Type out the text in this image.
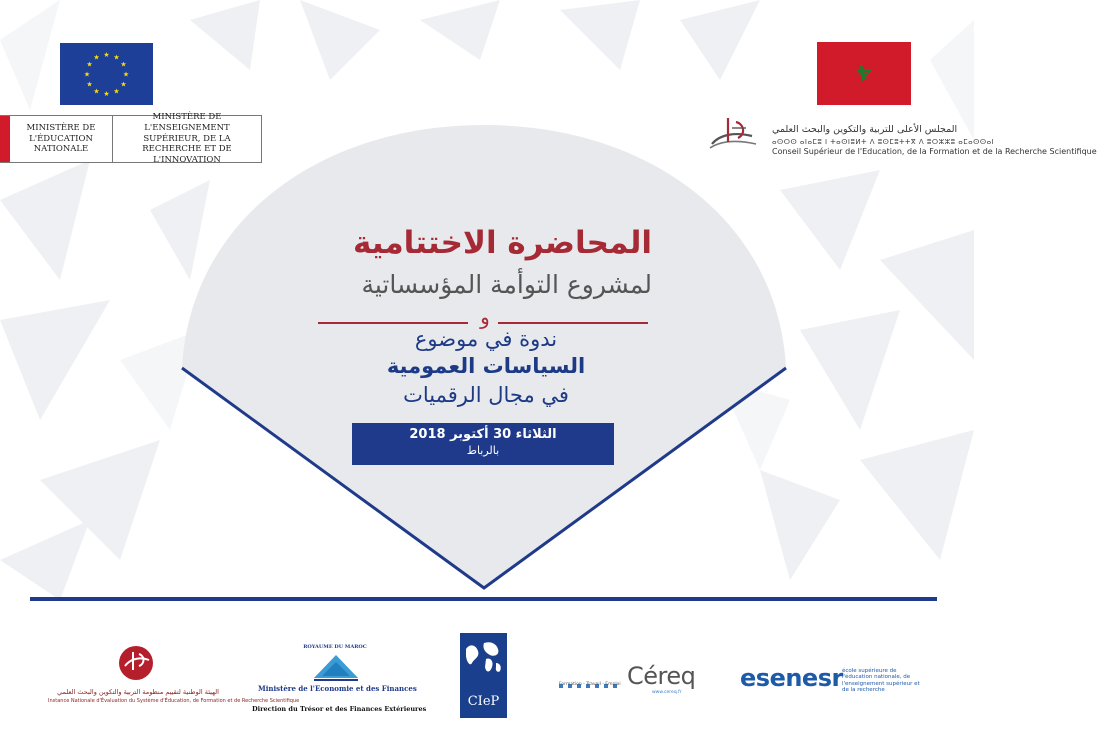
★ ★
★
★
★
★
★
★
★
★
★
★
MINISTÈRE DE L'ÉDUCATION NATIONALE
MINISTÈRE DE L'ENSEIGNEMENT SUPÉRIEUR, DE LA RECHERCHE ET DE L'INNOVATION
المجلس الأعلى للتربية والتكوين والبحث العلمي
ⴰⵙⵔⵙ ⴰⵏⴰⵎⵓ ⵏ ⵜⴰⵙⵏⵓⵍⵜ ⴷ ⵓⵙⵎⵓⵜⵜⴳ ⴷ ⵓⵔⵣⵣⵓ ⴰⵎⴰⵙⵙⴰⵏ
Conseil Supérieur de l'Education, de la Formation et de la Recherche Scientifique
المحاضرة الاختتامية
لمشروع التوأمة المؤسساتية
و
ندوة في موضوع
السياسات العمومية
في مجال الرقميات
الثلاثاء 30 أكتوبر 2018
بالرباط
الهيئة الوطنية لتقييم منظومة التربية والتكوين والبحث العلمي
Instance Nationale d'Évaluation du Système d'Éducation, de Formation et de Recherche Scientifique
ROYAUME DU MAROC
Ministère de l'Economie et des Finances
Direction du Trésor et des Finances Extérieures	CIeP
Céreq
Formation - Travail - Emploi
www.cereq.fr
esenesr école supérieure de l'éducation nationale, de l'enseignement supérieur et de la recherche
